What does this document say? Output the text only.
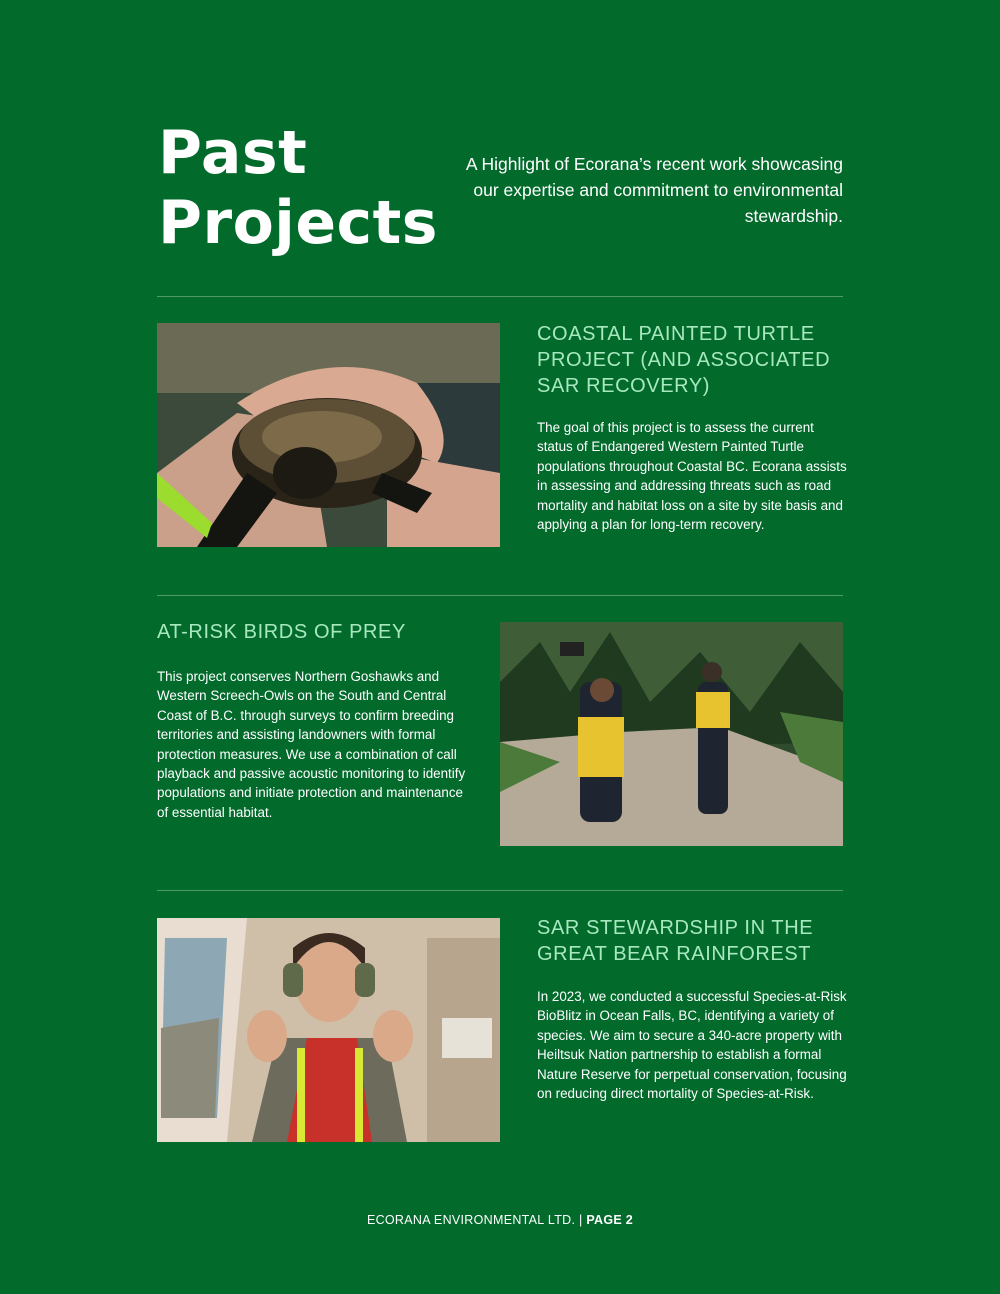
Past
Projects
A Highlight of Ecorana’s recent work showcasing our expertise and commitment to environmental stewardship.
COASTAL PAINTED TURTLE PROJECT (AND ASSOCIATED SAR RECOVERY)
The goal of this project is to assess the current status of Endangered Western Painted Turtle populations throughout Coastal BC. Ecorana assists in assessing and addressing threats such as road mortality and habitat loss on a site by site basis and applying a plan for long-term recovery.
AT-RISK BIRDS OF PREY
This project conserves Northern Goshawks and Western Screech-Owls on the South and Central Coast of B.C. through surveys to confirm breeding territories and assisting landowners with formal protection measures. We use a combination of call playback and passive acoustic monitoring to identify populations and initiate protection and maintenance of essential habitat.
SAR STEWARDSHIP IN THE GREAT BEAR RAINFOREST
In 2023, we conducted a successful Species-at-Risk BioBlitz in Ocean Falls, BC, identifying a variety of species. We aim to secure a 340-acre property with Heiltsuk Nation partnership to establish a formal Nature Reserve for perpetual conservation, focusing on reducing direct mortality of Species-at-Risk.
ECORANA ENVIRONMENTAL LTD. | PAGE 2
